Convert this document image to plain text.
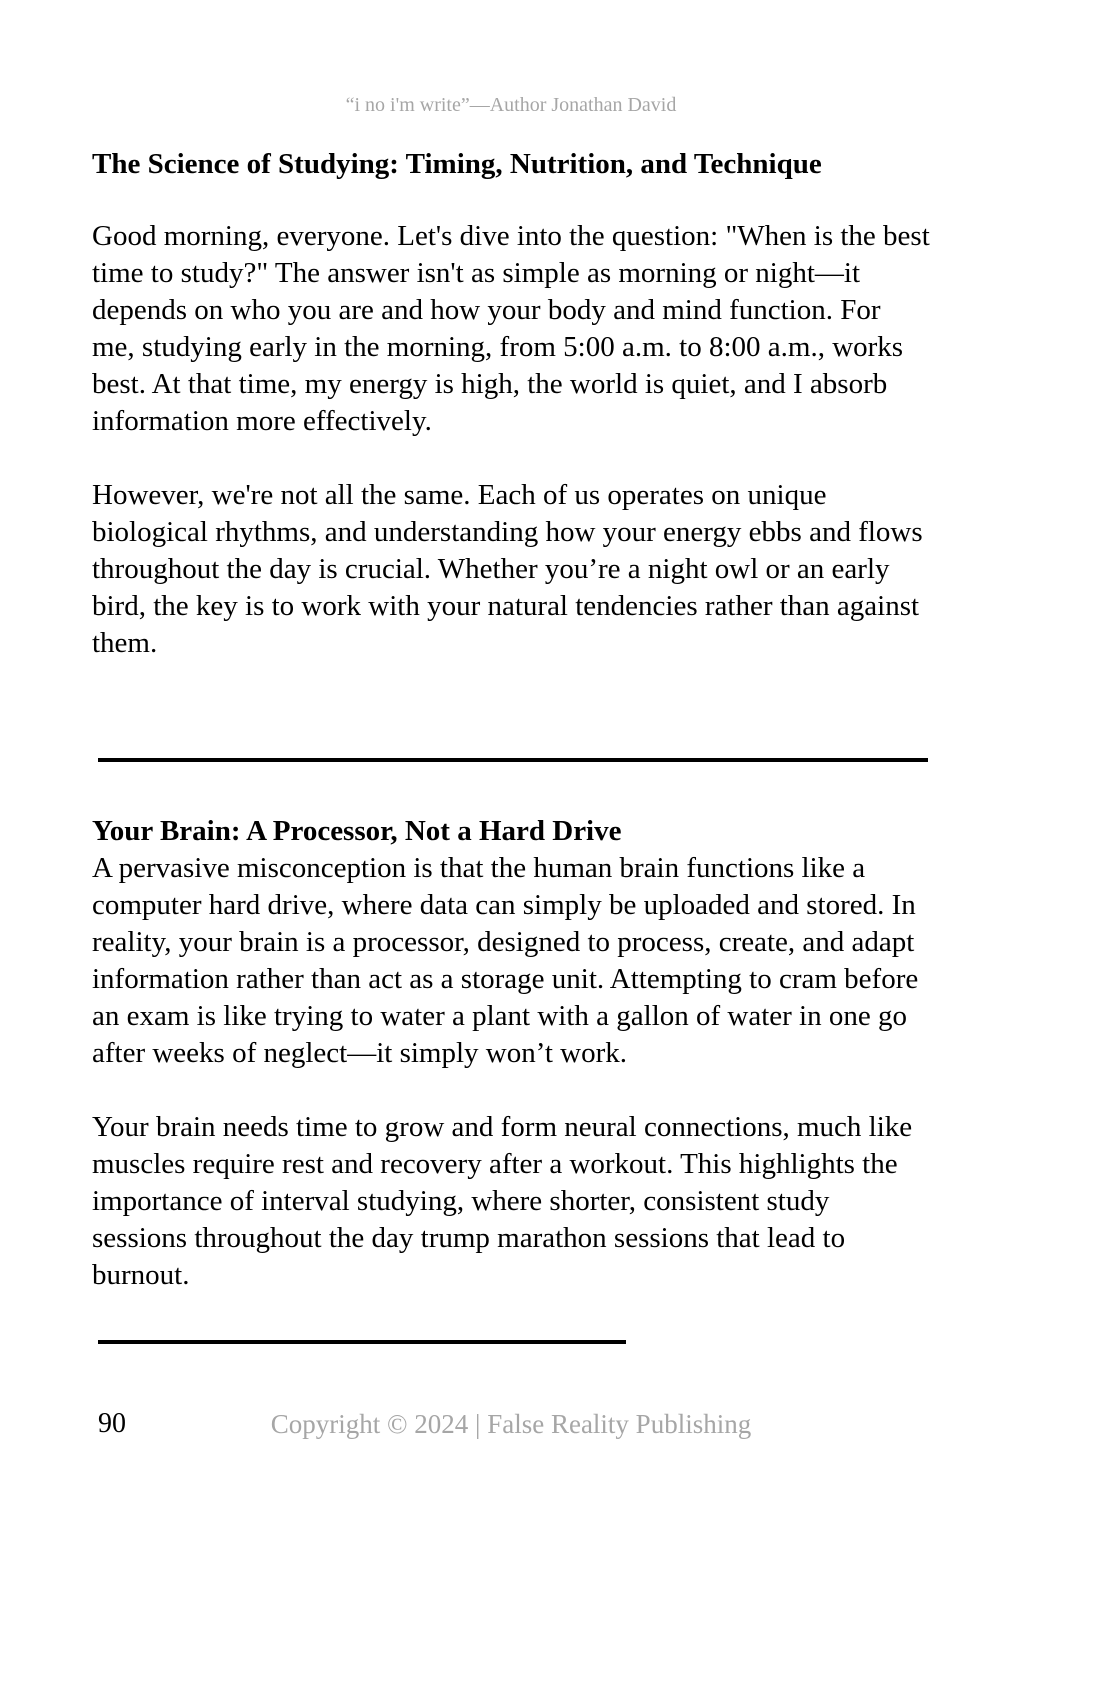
“i no i'm write”—Author Jonathan David
The Science of Studying: Timing, Nutrition, and Technique

Good morning, everyone. Let's dive into the question: "When is the best time to study?" The answer isn't as simple as morning or night—it depends on who you are and how your body and mind function. For me, studying early in the morning, from 5:00 a.m. to 8:00 a.m., works best. At that time, my energy is high, the world is quiet, and I absorb information more effectively.

However, we're not all the same. Each of us operates on unique biological rhythms, and understanding how your energy ebbs and flows throughout the day is crucial. Whether you’re a night owl or an early bird, the key is to work with your natural tendencies rather than against them.

Your Brain: A Processor, Not a Hard Drive

A pervasive misconception is that the human brain functions like a computer hard drive, where data can simply be uploaded and stored. In reality, your brain is a processor, designed to process, create, and adapt information rather than act as a storage unit. Attempting to cram before an exam is like trying to water a plant with a gallon of water in one go after weeks of neglect—it simply won’t work.

Your brain needs time to grow and form neural connections, much like muscles require rest and recovery after a workout. This highlights the importance of interval studying, where shorter, consistent study sessions throughout the day trump marathon sessions that lead to burnout.

90	Copyright © 2024 | False Reality Publishing
